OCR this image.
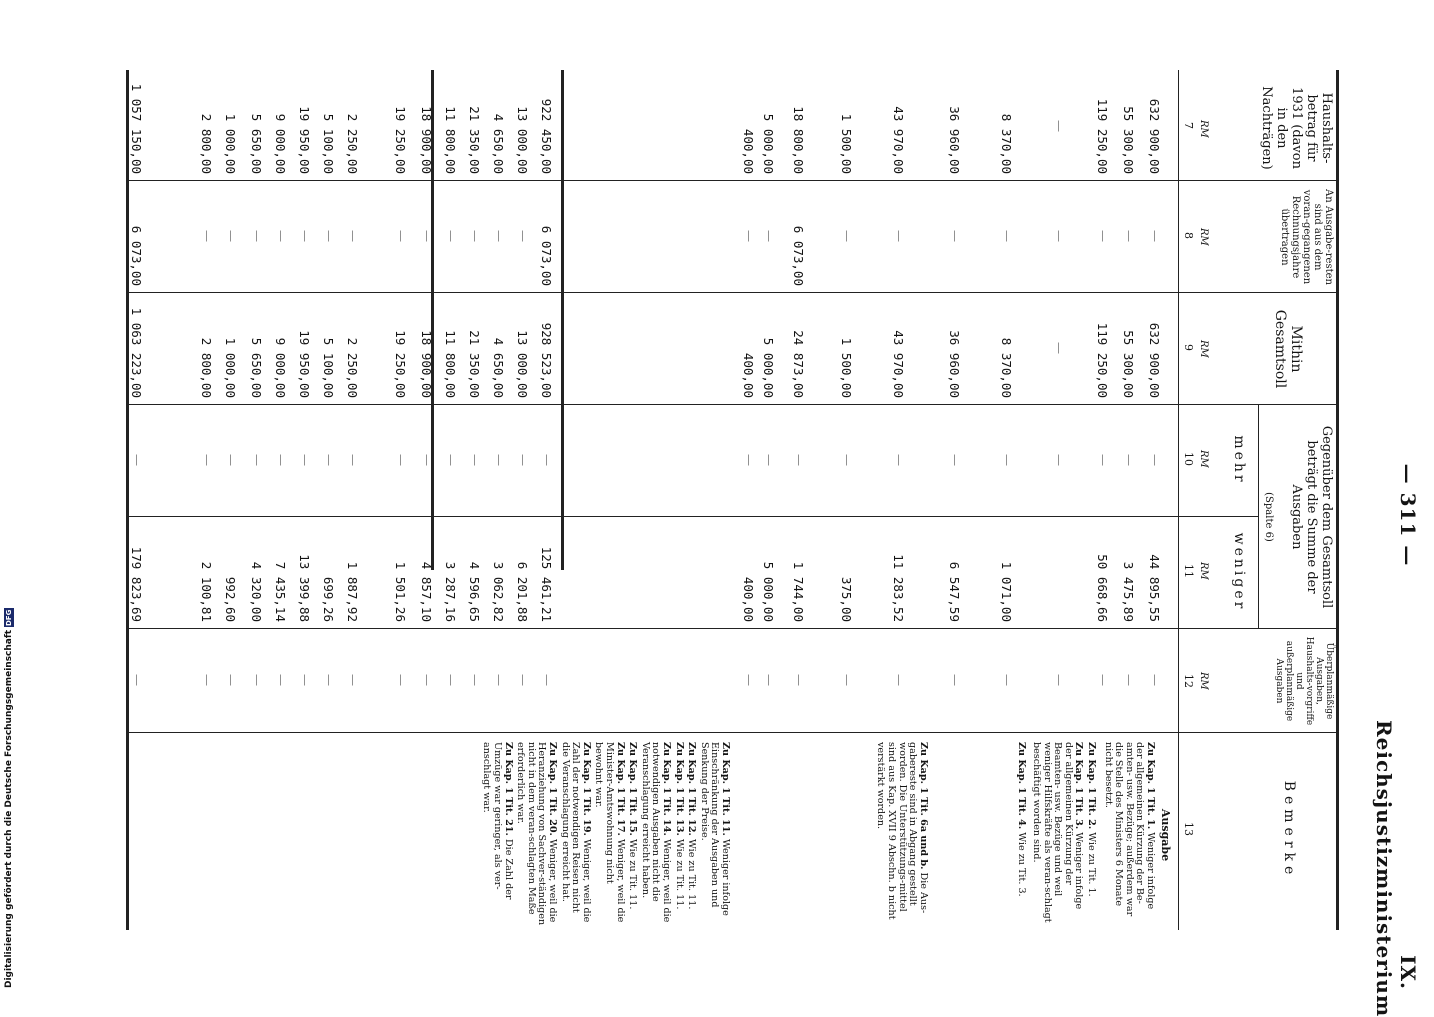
— 311 —
IX. Reichsjustizministerium
Haushalts-betrag für 1931 (davon in den Nachträgen)
An Ausgabe-resten sind aus dem voran-gegangenen Rechnungsjahre übertragen
Mithin Gesamtsoll
Gegenüber dem Gesamtsoll beträgt die Summe der Ausgaben
(Spalte 6)
mehr
weniger
Überplanmäßige Ausgaben, Haushalts-vorgriffe und außerplanmäßige Ausgaben
Bemerke
RM
RM
RM
RM
RM
RM
7
8
9
10
11
12
13
632 900,00
—
632 900,00
—
44 895,55
—
55 300,00
—
55 300,00
—
3 475,89
—
119 250,00
—
119 250,00
—
50 668,66
—
—
—
—
—
—
8 370,00
—
8 370,00
—
1 071,00
—
36 960,00
—
36 960,00
—
6 547,59
—
43 970,00
—
43 970,00
—
11 283,52
—
1 500,00
—
1 500,00
—
375,00
—
18 800,00
6 073,00
24 873,00
—
1 744,00
—
5 000,00
—
5 000,00
—
5 000,00
—
400,00
—
400,00
—
400,00
—
922 450,00
6 073,00
928 523,00
—
125 461,21
—
13 000,00
—
13 000,00
—
6 201,88
—
4 650,00
—
4 650,00
—
3 062,82
—
21 350,00
—
21 350,00
—
4 596,65
—
11 800,00
—
11 800,00
—
3 287,16
—
18 900,00
—
18 900,00
—
4 857,10
—
19 250,00
—
19 250,00
—
1 501,26
—
2 250,00
—
2 250,00
—
1 887,92
—
5 100,00
—
5 100,00
—
699,26
—
19 950,00
—
19 950,00
—
13 399,88
—
9 000,00
—
9 000,00
—
7 435,14
—
5 650,00
—
5 650,00
—
4 320,00
—
1 000,00
—
1 000,00
—
992,60
—
2 800,00
—
2 800,00
—
2 100,81
—
1 057 150,00
6 073,00
1 063 223,00
—
179 823,69
—
Ausgabe
Zu Kap. 1 Tit. 1. Weniger infolge der allgemeinen Kürzung der Be-amten- usw. Bezüge; außerdem war die Stelle des Ministers 6 Monate nicht besetzt.
Zu Kap. 1 Tit. 2. Wie zu Tit. 1.
Zu Kap. 1 Tit. 3. Weniger infolge der allgemeinen Kürzung der Beamten- usw. Bezüge und weil weniger Hilfskräfte als veran-schlagt beschäftigt worden sind.
Zu Kap. 1 Tit. 4. Wie zu Tit. 3.
Zu Kap. 1 Tit. 6a und b. Die Aus-gabereste sind in Abgang gestellt worden. Die Unterstützungs-mittel sind aus Kap. XVII 9 Abschn. b nicht verstärkt worden.
Zu Kap. 1 Tit. 11. Weniger infolge Einschränkung der Ausgaben und Senkung der Preise.
Zu Kap. 1 Tit. 12. Wie zu Tit. 11.
Zu Kap. 1 Tit. 13. Wie zu Tit. 11.
Zu Kap. 1 Tit. 14. Weniger, weil die notwendigen Ausgaben nicht die Veranschlagung erreicht haben.
Zu Kap. 1 Tit. 15. Wie zu Tit. 11.
Zu Kap. 1 Tit. 17. Weniger, weil die Minister-Amtswohnung nicht bewohnt war.
Zu Kap. 1 Tit. 19. Weniger, weil die Zahl der notwendigen Reisen nicht die Veranschlagung erreicht hat.
Zu Kap. 1 Tit. 20. Weniger, weil die Heranziehung von Sachver-ständigen nicht in dem veran-schlagten Maße erforderlich war.
Zu Kap. 1 Tit. 21. Die Zahl der Umzüge war geringer, als ver-anschlagt war.
Digitalisierung gefördert durch die Deutsche Forschungsgemeinschaft DFG
